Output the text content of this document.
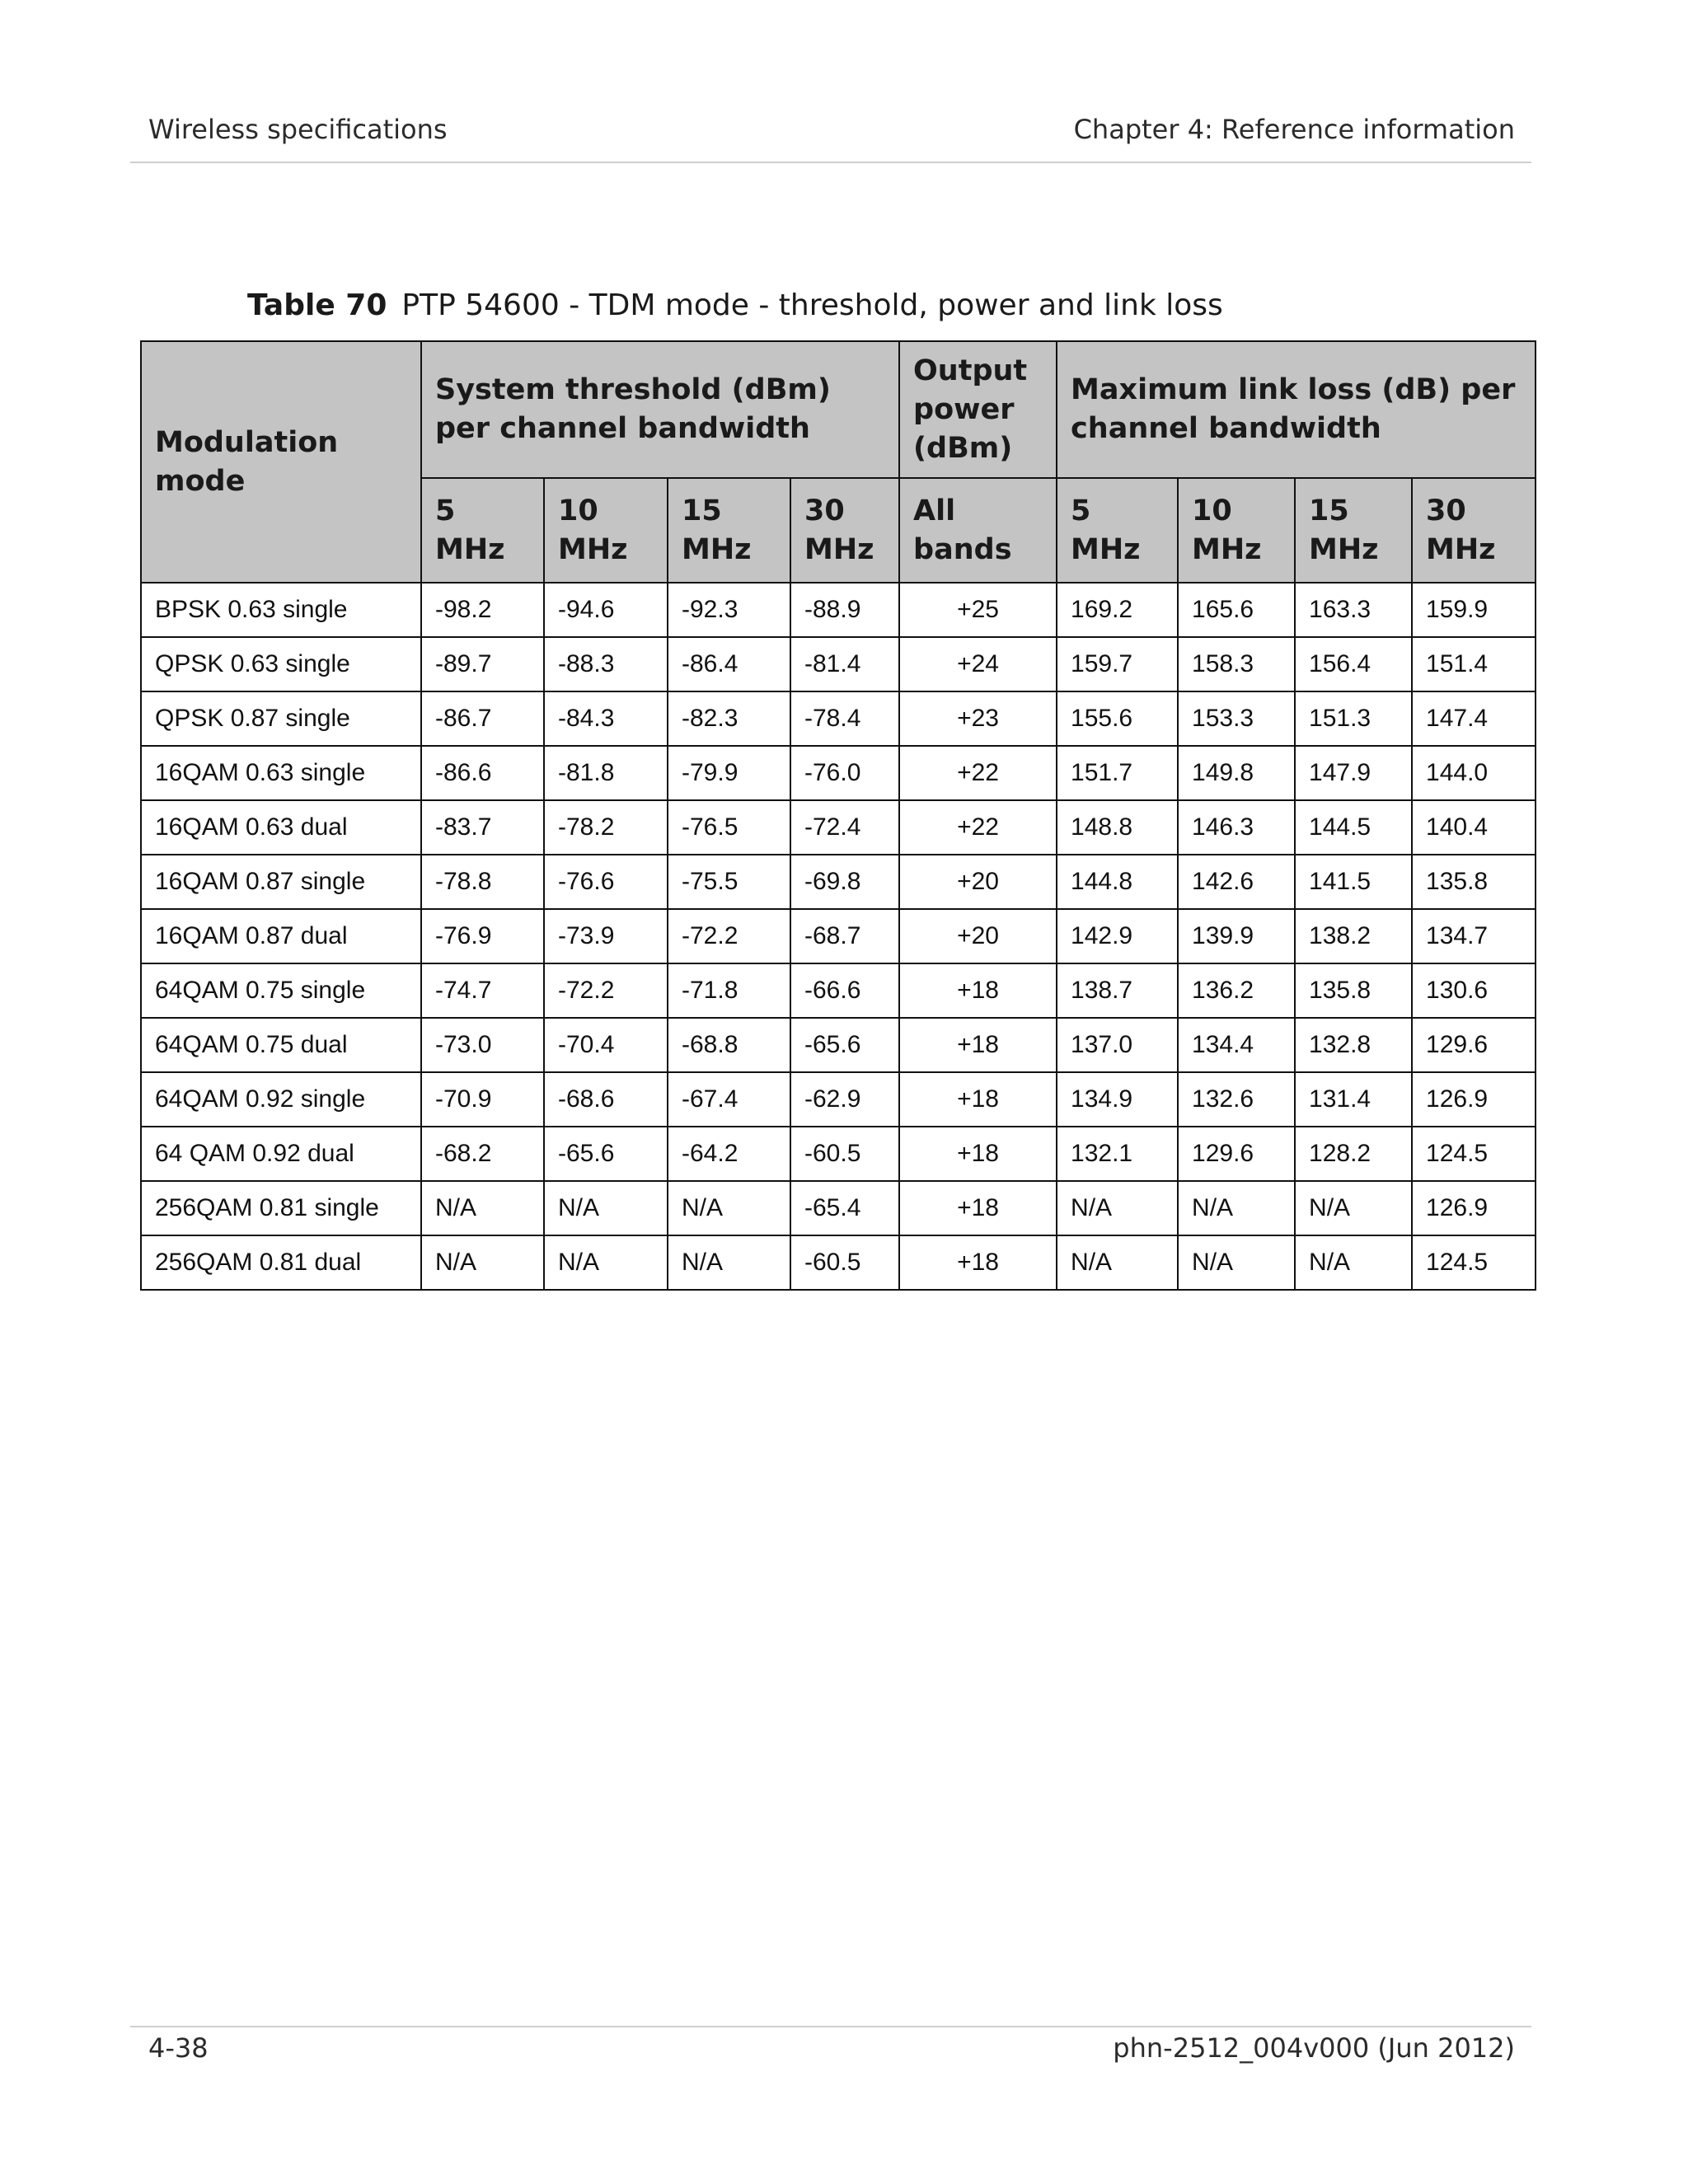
Wireless specifications	Chapter 4: Reference information
Table 70 PTP 54600 - TDM mode - threshold, power and link loss
Modulation mode	System threshold (dBm) per channel bandwidth				Output power (dBm)	Maximum link loss (dB) per channel bandwidth			
	5 MHz	10 MHz	15 MHz	30 MHz	All bands	5 MHz	10 MHz	15 MHz	30 MHz
BPSK 0.63 single	-98.2	-94.6	-92.3	-88.9	+25	169.2	165.6	163.3	159.9
QPSK 0.63 single	-89.7	-88.3	-86.4	-81.4	+24	159.7	158.3	156.4	151.4
QPSK 0.87 single	-86.7	-84.3	-82.3	-78.4	+23	155.6	153.3	151.3	147.4
16QAM 0.63 single	-86.6	-81.8	-79.9	-76.0	+22	151.7	149.8	147.9	144.0
16QAM 0.63 dual	-83.7	-78.2	-76.5	-72.4	+22	148.8	146.3	144.5	140.4
16QAM 0.87 single	-78.8	-76.6	-75.5	-69.8	+20	144.8	142.6	141.5	135.8
16QAM 0.87 dual	-76.9	-73.9	-72.2	-68.7	+20	142.9	139.9	138.2	134.7
64QAM 0.75 single	-74.7	-72.2	-71.8	-66.6	+18	138.7	136.2	135.8	130.6
64QAM 0.75 dual	-73.0	-70.4	-68.8	-65.6	+18	137.0	134.4	132.8	129.6
64QAM 0.92 single	-70.9	-68.6	-67.4	-62.9	+18	134.9	132.6	131.4	126.9
64 QAM 0.92 dual	-68.2	-65.6	-64.2	-60.5	+18	132.1	129.6	128.2	124.5
256QAM 0.81 single	N/A	N/A	N/A	-65.4	+18	N/A	N/A	N/A	126.9
256QAM 0.81 dual	N/A	N/A	N/A	-60.5	+18	N/A	N/A	N/A	124.5
4-38	phn-2512_004v000 (Jun 2012)
